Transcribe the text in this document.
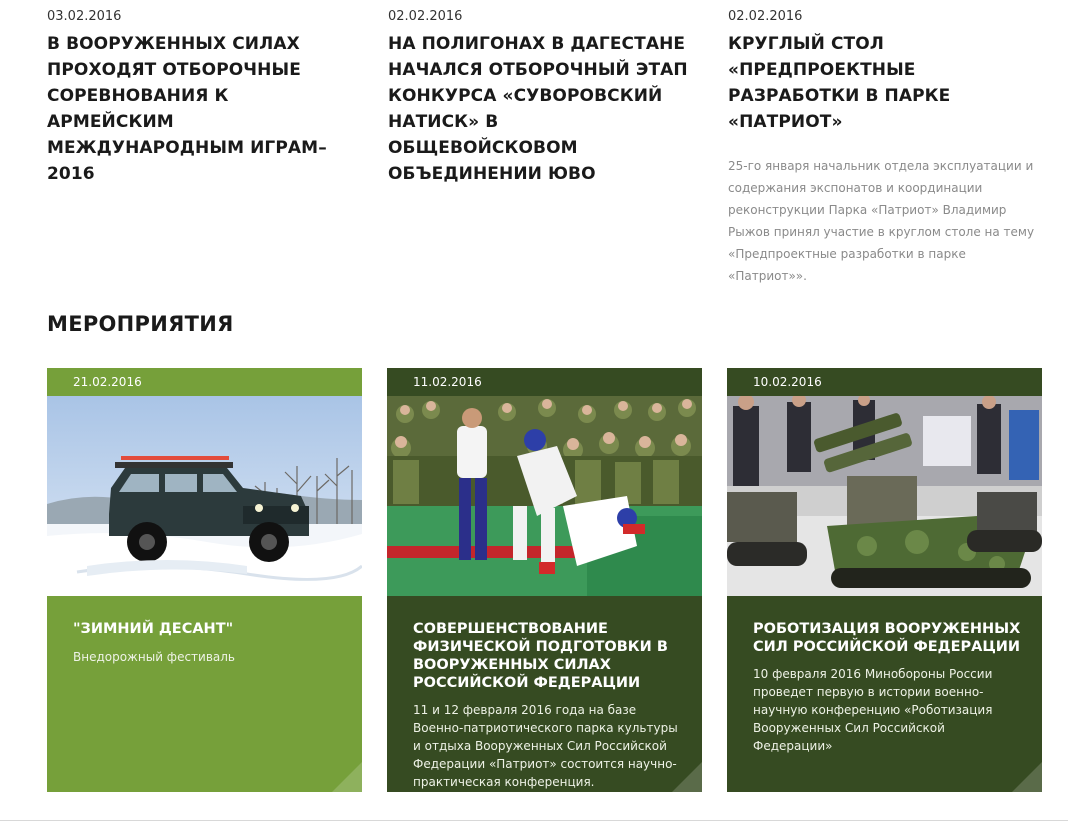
03.02.2016
В ВООРУЖЕННЫХ СИЛАХ ПРОХОДЯТ ОТБОРОЧНЫЕ СОРЕВНОВАНИЯ К АРМЕЙСКИМ МЕЖДУНАРОДНЫМ ИГРАМ–2016
02.02.2016
НА ПОЛИГОНАХ В ДАГЕСТАНЕ НАЧАЛСЯ ОТБОРОЧНЫЙ ЭТАП КОНКУРСА «СУВОРОВСКИЙ НАТИСК» В ОБЩЕВОЙСКОВОМ ОБЪЕДИНЕНИИ ЮВО
02.02.2016
КРУГЛЫЙ СТОЛ «ПРЕДПРОЕКТНЫЕ РАЗРАБОТКИ В ПАРКЕ «ПАТРИОТ»
25-го января начальник отдела эксплуатации и содержания экспонатов и координации реконструкции Парка «Патриот» Владимир Рыжов принял участие в круглом столе на тему «Предпроектные разработки в парке «Патриот»».
МЕРОПРИЯТИЯ
21.02.2016
"ЗИМНИЙ ДЕСАНТ"
Внедорожный фестиваль
11.02.2016
СОВЕРШЕНСТВОВАНИЕ ФИЗИЧЕСКОЙ ПОДГОТОВКИ В ВООРУЖЕННЫХ СИЛАХ РОССИЙСКОЙ ФЕДЕРАЦИИ
11 и 12 февраля 2016 года на базе Военно-патриотического парка культуры и отдыха Вооруженных Сил Российской Федерации «Патриот» состоится научно-практическая конференция.
10.02.2016
РОБОТИЗАЦИЯ ВООРУЖЕННЫХ СИЛ РОССИЙСКОЙ ФЕДЕРАЦИИ
10 февраля 2016 Минобороны России проведет первую в истории военно-научную конференцию «Роботизация Вооруженных Сил Российской Федерации»
